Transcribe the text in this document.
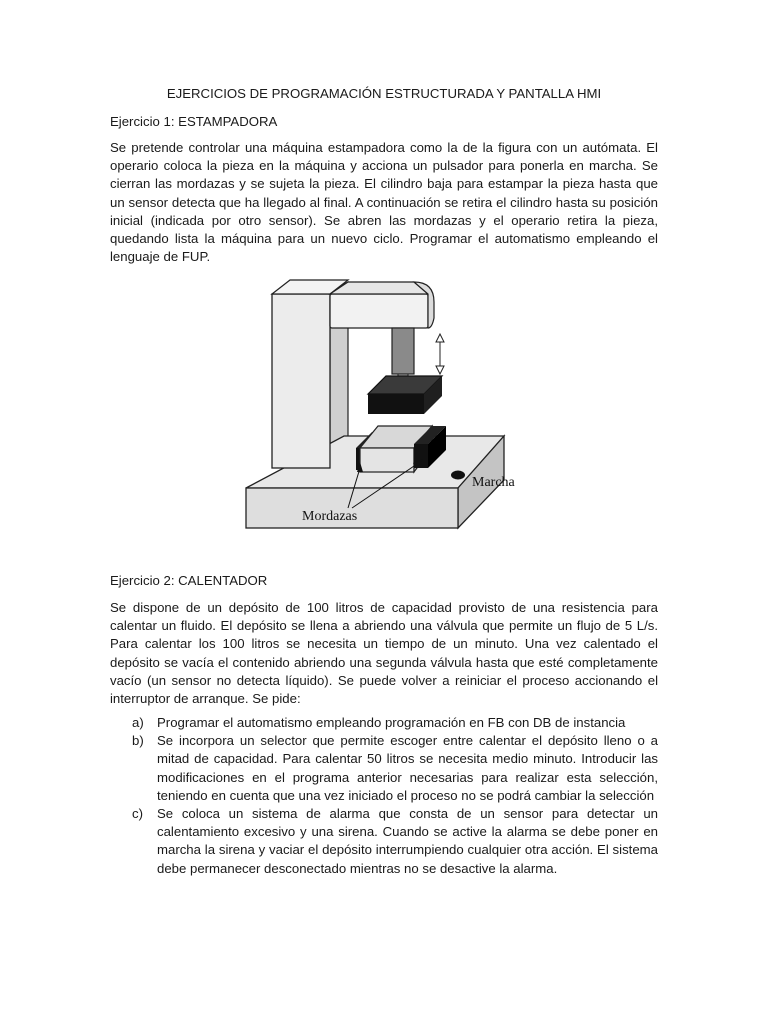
EJERCICIOS DE PROGRAMACIÓN ESTRUCTURADA Y PANTALLA HMI
Ejercicio 1: ESTAMPADORA

Se pretende controlar una máquina estampadora como la de la figura con un autómata. El operario coloca la pieza en la máquina y acciona un pulsador para ponerla en marcha. Se cierran las mordazas y se sujeta la pieza. El cilindro baja para estampar la pieza hasta que un sensor detecta que ha llegado al final. A continuación se retira el cilindro hasta su posición inicial (indicada por otro sensor). Se abren las mordazas y el operario retira la pieza, quedando lista la máquina para un nuevo ciclo. Programar el automatismo empleando el lenguaje de FUP.

Marcha
Mordazas
Ejercicio 2: CALENTADOR

Se dispone de un depósito de 100 litros de capacidad provisto de una resistencia para calentar un fluido. El depósito se llena a abriendo una válvula que permite un flujo de 5 L/s. Para calentar los 100 litros se necesita un tiempo de un minuto. Una vez calentado el depósito se vacía el contenido abriendo una segunda válvula hasta que esté completamente vacío (un sensor no detecta líquido). Se puede volver a reiniciar el proceso accionando el interruptor de arranque. Se pide:

a) Programar el automatismo empleando programación en FB con DB de instancia
b) Se incorpora un selector que permite escoger entre calentar el depósito lleno o a mitad de capacidad. Para calentar 50 litros se necesita medio minuto. Introducir las modificaciones en el programa anterior necesarias para realizar esta selección, teniendo en cuenta que una vez iniciado el proceso no se podrá cambiar la selección
c) Se coloca un sistema de alarma que consta de un sensor para detectar un calentamiento excesivo y una sirena. Cuando se active la alarma se debe poner en marcha la sirena y vaciar el depósito interrumpiendo cualquier otra acción. El sistema debe permanecer desconectado mientras no se desactive la alarma.
